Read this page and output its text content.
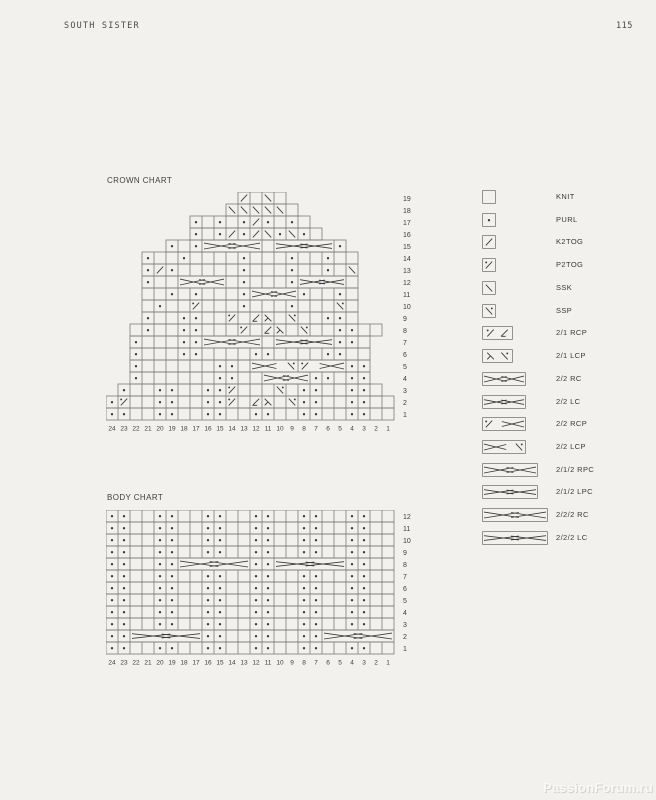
SOUTH SISTER	115
CROWN CHART
19
18
17
16
15
14
13
12
11
10
9
8
7
6
5
4
3
2
1
24 23 22 21 20 19 18 17 16 15 14 13 12 11 10 9 8 7 6 5 4 3 2 1
BODY CHART
12
11
10
9
8
7
6
5
4
3
2
1
24 23 22 21 20 19 18 17 16 15 14 13 12 11 10 9 8 7 6 5 4 3 2 1
KNIT
PURL
K2TOG
P2TOG
SSK
SSP
2/1 RCP
2/1 LCP
2/2 RC
2/2 LC
2/2 RCP
2/2 LCP
2/1/2 RPC
2/1/2 LPC
2/2/2 RC
2/2/2 LC
PassionForum.ru
